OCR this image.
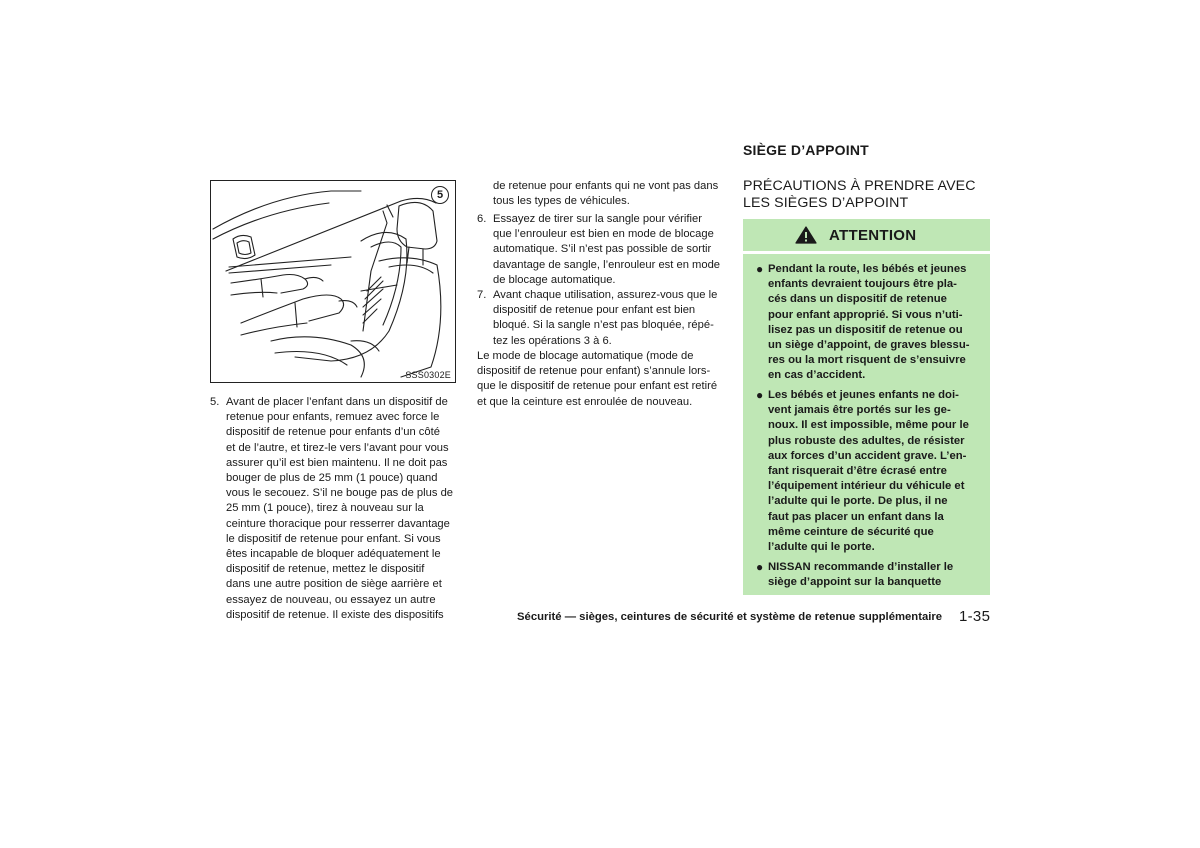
5
SSS0302E
5. Avant de placer l’enfant dans un dispositif de
retenue pour enfants, remuez avec force le
dispositif de retenue pour enfants d’un côté
et de l’autre, et tirez-le vers l’avant pour vous
assurer qu’il est bien maintenu. Il ne doit pas
bouger de plus de 25 mm (1 pouce) quand
vous le secouez. S’il ne bouge pas de plus de
25 mm (1 pouce), tirez à nouveau sur la
ceinture thoracique pour resserrer davantage
le dispositif de retenue pour enfant. Si vous
êtes incapable de bloquer adéquatement le
dispositif de retenue, mettez le dispositif
dans une autre position de siège aarrière et
essayez de nouveau, ou essayez un autre
dispositif de retenue. Il existe des dispositifs
de retenue pour enfants qui ne vont pas dans
tous les types de véhicules.
6. Essayez de tirer sur la sangle pour vérifier
que l’enrouleur est bien en mode de blocage
automatique. S’il n’est pas possible de sortir
davantage de sangle, l’enrouleur est en mode
de blocage automatique.
7. Avant chaque utilisation, assurez-vous que le
dispositif de retenue pour enfant est bien
bloqué. Si la sangle n’est pas bloquée, répé-
tez les opérations 3 à 6.
Le mode de blocage automatique (mode de
dispositif de retenue pour enfant) s’annule lors-
que le dispositif de retenue pour enfant est retiré
et que la ceinture est enroulée de nouveau.
SIÈGE D’APPOINT
PRÉCAUTIONS À PRENDRE AVEC
LES SIÈGES D’APPOINT
ATTENTION
● Pendant la route, les bébés et jeunes
enfants devraient toujours être pla-
cés dans un dispositif de retenue
pour enfant approprié. Si vous n’uti-
lisez pas un dispositif de retenue ou
un siège d’appoint, de graves blessu-
res ou la mort risquent de s’ensuivre
en cas d’accident.
● Les bébés et jeunes enfants ne doi-
vent jamais être portés sur les ge-
noux. Il est impossible, même pour le
plus robuste des adultes, de résister
aux forces d’un accident grave. L’en-
fant risquerait d’être écrasé entre
l’équipement intérieur du véhicule et
l’adulte qui le porte. De plus, il ne
faut pas placer un enfant dans la
même ceinture de sécurité que
l’adulte qui le porte.
● NISSAN recommande d’installer le
siège d’appoint sur la banquette
Sécurité — sièges, ceintures de sécurité et système de retenue supplémentaire 1-35
